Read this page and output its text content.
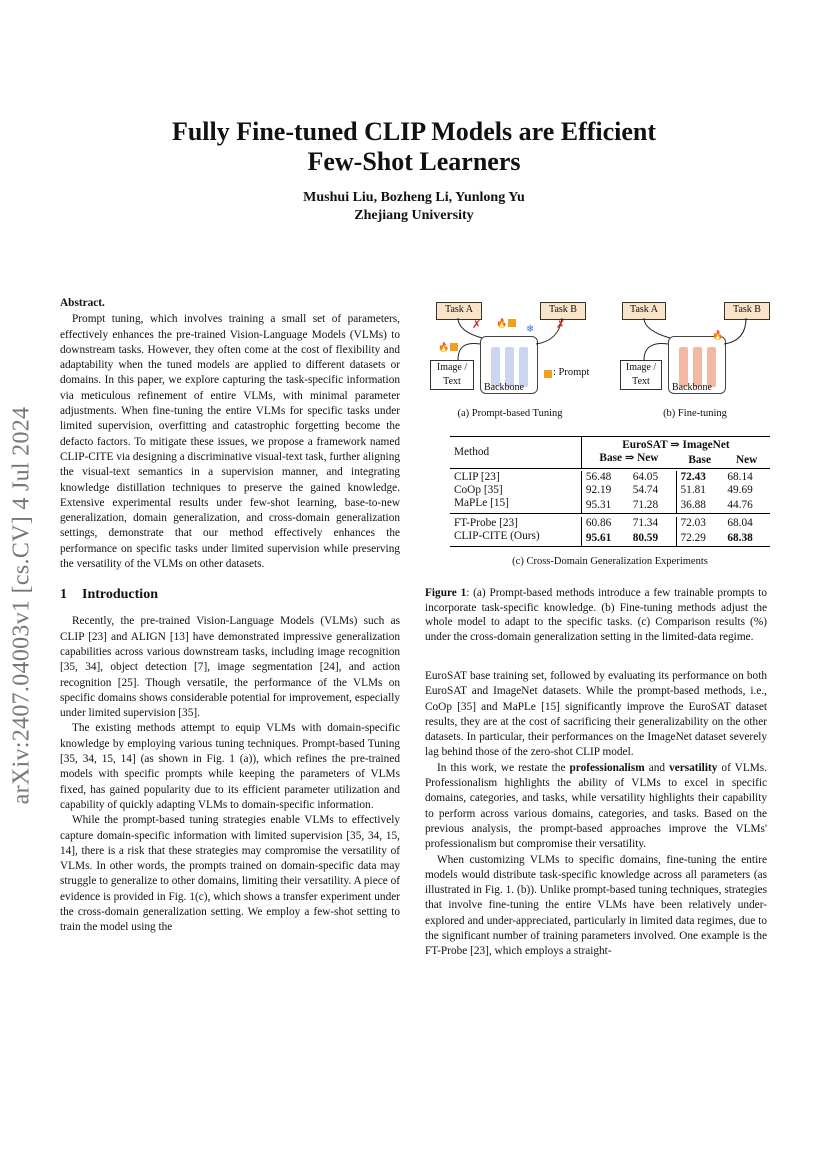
Fully Fine-tuned CLIP Models are Efficient
Few-Shot Learners
Mushui Liu, Bozheng Li, Yunlong Yu
Zhejiang University
arXiv:2407.04003v1 [cs.CV] 4 Jul 2024
Abstract.

Prompt tuning, which involves training a small set of parameters, effectively enhances the pre-trained Vision-Language Models (VLMs) to downstream tasks. However, they often come at the cost of flexibility and adaptability when the tuned models are applied to different datasets or domains. In this paper, we explore capturing the task-specific information via meticulous refinement of entire VLMs, with minimal parameter adjustments. When fine-tuning the entire VLMs for specific tasks under limited supervision, overfitting and catastrophic forgetting become the defacto factors. To mitigate these issues, we propose a framework named CLIP-CITE via designing a discriminative visual-text task, further aligning the visual-text semantics in a supervision manner, and integrating knowledge distillation techniques to preserve the gained knowledge. Extensive experimental results under few-shot learning, base-to-new generalization, domain generalization, and cross-domain generalization settings, demonstrate that our method effectively enhances the performance on specific tasks under limited supervision while preserving the versatility of the VLMs on other datasets.

1 Introduction

Recently, the pre-trained Vision-Language Models (VLMs) such as CLIP [23] and ALIGN [13] have demonstrated impressive generalization capabilities across various downstream tasks, including image recognition [35, 34], object detection [7], image segmentation [24], and action recognition [25]. Though versatile, the performance of the VLMs on specific domains shows considerable potential for improvement, especially under limited supervision [35].

The existing methods attempt to equip VLMs with domain-specific knowledge by employing various tuning techniques. Prompt-based Tuning [35, 34, 15, 14] (as shown in Fig. 1 (a)), which refines the pre-trained models with specific prompts while keeping the parameters of VLMs fixed, has gained popularity due to its efficient parameter utilization and capability of quickly adapting VLMs to domain-specific information.

While the prompt-based tuning strategies enable VLMs to effectively capture domain-specific information with limited supervision [35, 34, 15, 14], there is a risk that these strategies may compromise the versatility of VLMs. In other words, the prompts trained on domain-specific data may struggle to generalize to other domains, limiting their versatility. A piece of evidence is provided in Fig. 1(c), which shows a transfer experiment under the cross-domain generalization setting. We employ a few-shot setting to train the model using the

Task A	Task B
Image / Text
Backbone
❄
🔥
🔥
: Prompt
✗
✗
(a) Prompt-based Tuning
Task A	Task B
Image / Text
Backbone
🔥
(b) Fine-tuning
Method	EuroSAT ⇒ ImageNet			
	Base ⇒ New		Base	New

CLIP [23]	56.48	64.05	72.43	68.14
CoOp [35]	92.19	54.74	51.81	49.69
MaPLe [15]	95.31	71.28	36.88	44.76

FT-Probe [23]	60.86	71.34	72.03	68.04
CLIP-CITE (Ours)	95.61	80.59	72.29	68.38
(c) Cross-Domain Generalization Experiments
Figure 1: (a) Prompt-based methods introduce a few trainable prompts to incorporate task-specific knowledge. (b) Fine-tuning methods adjust the whole model to adapt to the specific tasks. (c) Comparison results (%) under the cross-domain generalization setting in the limited-data regime.

EuroSAT base training set, followed by evaluating its performance on both EuroSAT and ImageNet datasets. While the prompt-based methods, i.e., CoOp [35] and MaPLe [15] significantly improve the EuroSAT dataset results, they are at the cost of sacrificing their generalizability on the other datasets. In particular, their performances on the ImageNet dataset severely lag behind those of the zero-shot CLIP model.

In this work, we restate the professionalism and versatility of VLMs. Professionalism highlights the ability of VLMs to excel in specific domains, categories, and tasks, while versatility highlights their capability to perform across various domains, categories, and tasks. Based on the previous analysis, the prompt-based approaches improve the VLMs' professionalism but compromise their versatility.

When customizing VLMs to specific domains, fine-tuning the entire models would distribute task-specific knowledge across all parameters (as illustrated in Fig. 1. (b)). Unlike prompt-based tuning techniques, strategies that involve fine-tuning the entire VLMs have been relatively under-explored and under-appreciated, particularly in limited data regimes, due to the significant number of training parameters involved. One example is the FT-Probe [23], which employs a straight-
